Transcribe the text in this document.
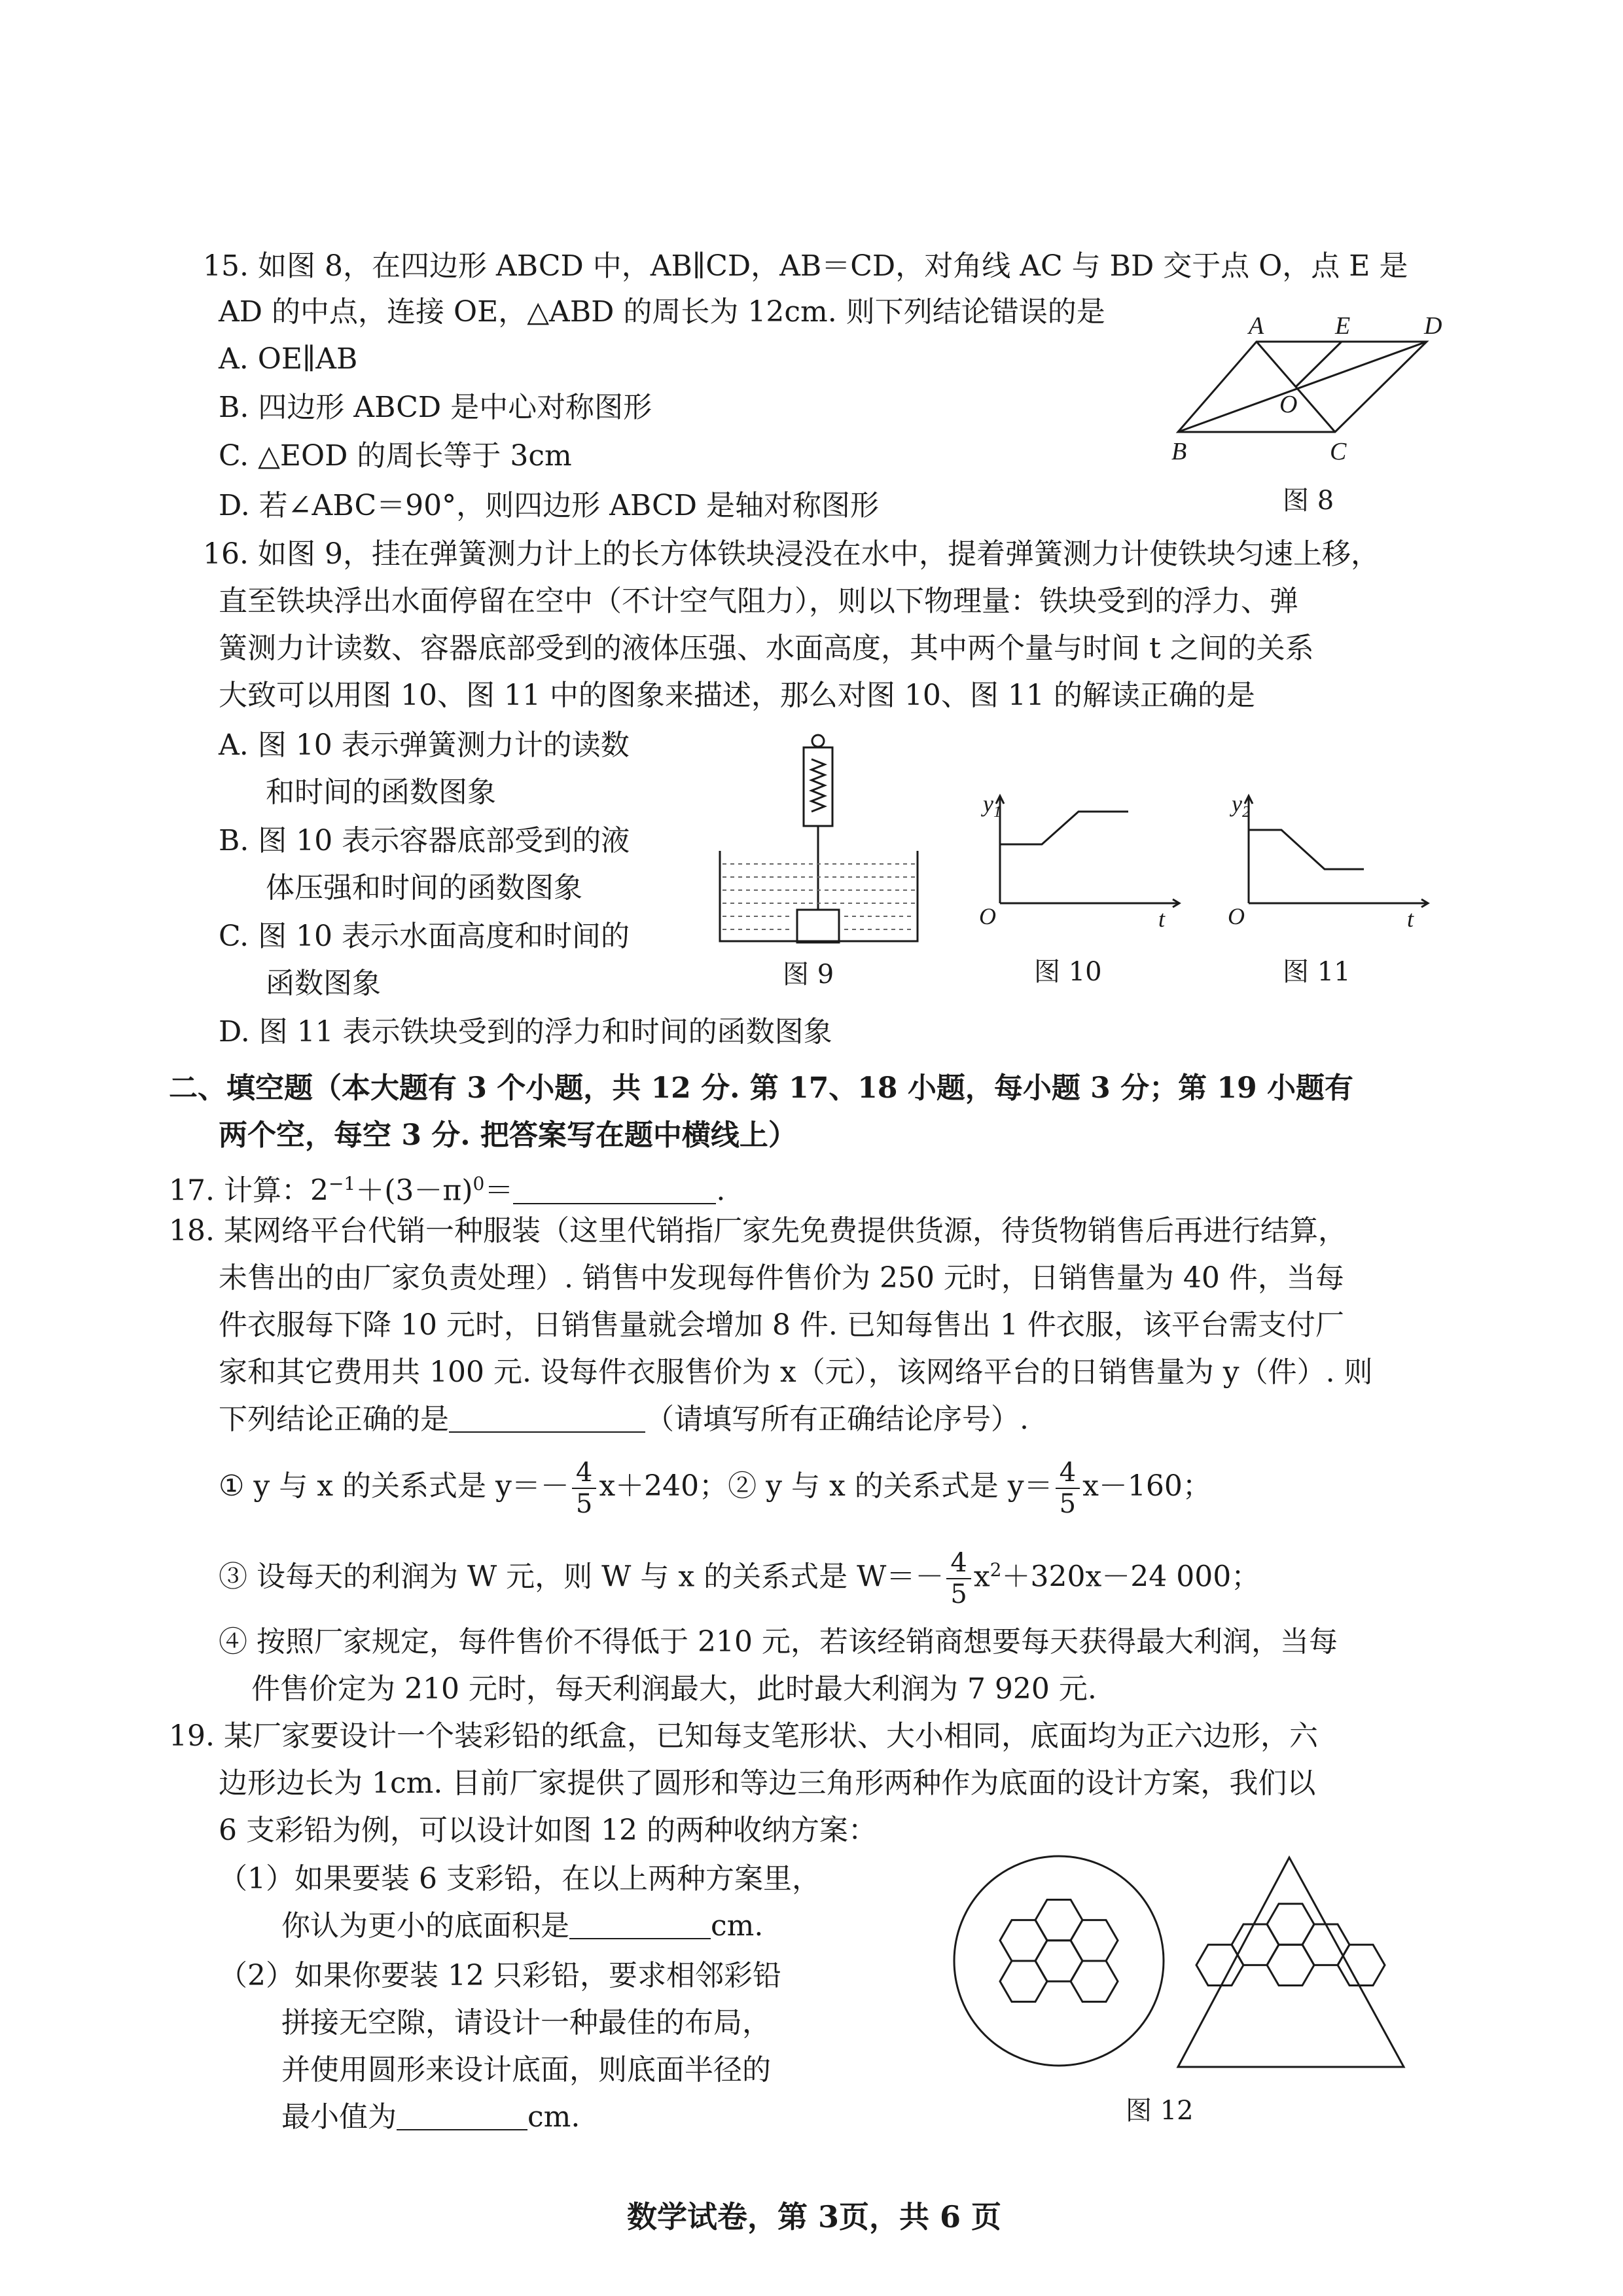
15. 如图 8，在四边形 ABCD 中，AB∥CD，AB＝CD，对角线 AC 与 BD 交于点 O，点 E 是
AD 的中点，连接 OE，△ABD 的周长为 12cm. 则下列结论错误的是
A. OE∥AB
B. 四边形 ABCD 是中心对称图形
C. △EOD 的周长等于 3cm
D. 若∠ABC＝90°，则四边形 ABCD 是轴对称图形
A	E	D
O
B	C
图 8
16. 如图 9，挂在弹簧测力计上的长方体铁块浸没在水中，提着弹簧测力计使铁块匀速上移，
直至铁块浮出水面停留在空中（不计空气阻力），则以下物理量：铁块受到的浮力、弹
簧测力计读数、容器底部受到的液体压强、水面高度，其中两个量与时间 t 之间的关系
大致可以用图 10、图 11 中的图象来描述，那么对图 10、图 11 的解读正确的是
A. 图 10 表示弹簧测力计的读数
和时间的函数图象
B. 图 10 表示容器底部受到的液
体压强和时间的函数图象
C. 图 10 表示水面高度和时间的
函数图象
D. 图 11 表示铁块受到的浮力和时间的函数图象
图 9
$y_1$
O	t
图 10
$y_2$
O	t
图 11
二、填空题（本大题有 3 个小题，共 12 分. 第 17、18 小题，每小题 3 分；第 19 小题有
两个空，每空 3 分. 把答案写在题中横线上）
17. 计算：$2^{-1}+(3-\pi)^0=$	.
18. 某网络平台代销一种服装（这里代销指厂家先免费提供货源，待货物销售后再进行结算，
未售出的由厂家负责处理）. 销售中发现每件售价为 250 元时，日销售量为 40 件，当每
件衣服每下降 10 元时，日销售量就会增加 8 件. 已知每售出 1 件衣服，该平台需支付厂
家和其它费用共 100 元. 设每件衣服售价为 x（元），该网络平台的日销售量为 y（件）. 则
下列结论正确的是	（请填写所有正确结论序号）.
① y 与 x 的关系式是 $y=- \frac{4}{5} x+240$；② y 与 x 的关系式是 $y= \frac{4}{5} x-160$；
③ 设每天的利润为 W 元，则 W 与 x 的关系式是 $W=- \frac{4}{5} x^2+320x-24$ 000；
④ 按照厂家规定，每件售价不得低于 210 元，若该经销商想要每天获得最大利润，当每
件售价定为 210 元时，每天利润最大，此时最大利润为 7 920 元.
19. 某厂家要设计一个装彩铅的纸盒，已知每支笔形状、大小相同，底面均为正六边形，六
边形边长为 1cm. 目前厂家提供了圆形和等边三角形两种作为底面的设计方案，我们以
6 支彩铅为例，可以设计如图 12 的两种收纳方案：
（1）如果要装 6 支彩铅，在以上两种方案里，
你认为更小的底面积是	cm.
（2）如果你要装 12 只彩铅，要求相邻彩铅
拼接无空隙，请设计一种最佳的布局，
并使用圆形来设计底面，则底面半径的
最小值为	cm.	图 12
数学试卷，第 3页，共 6 页
